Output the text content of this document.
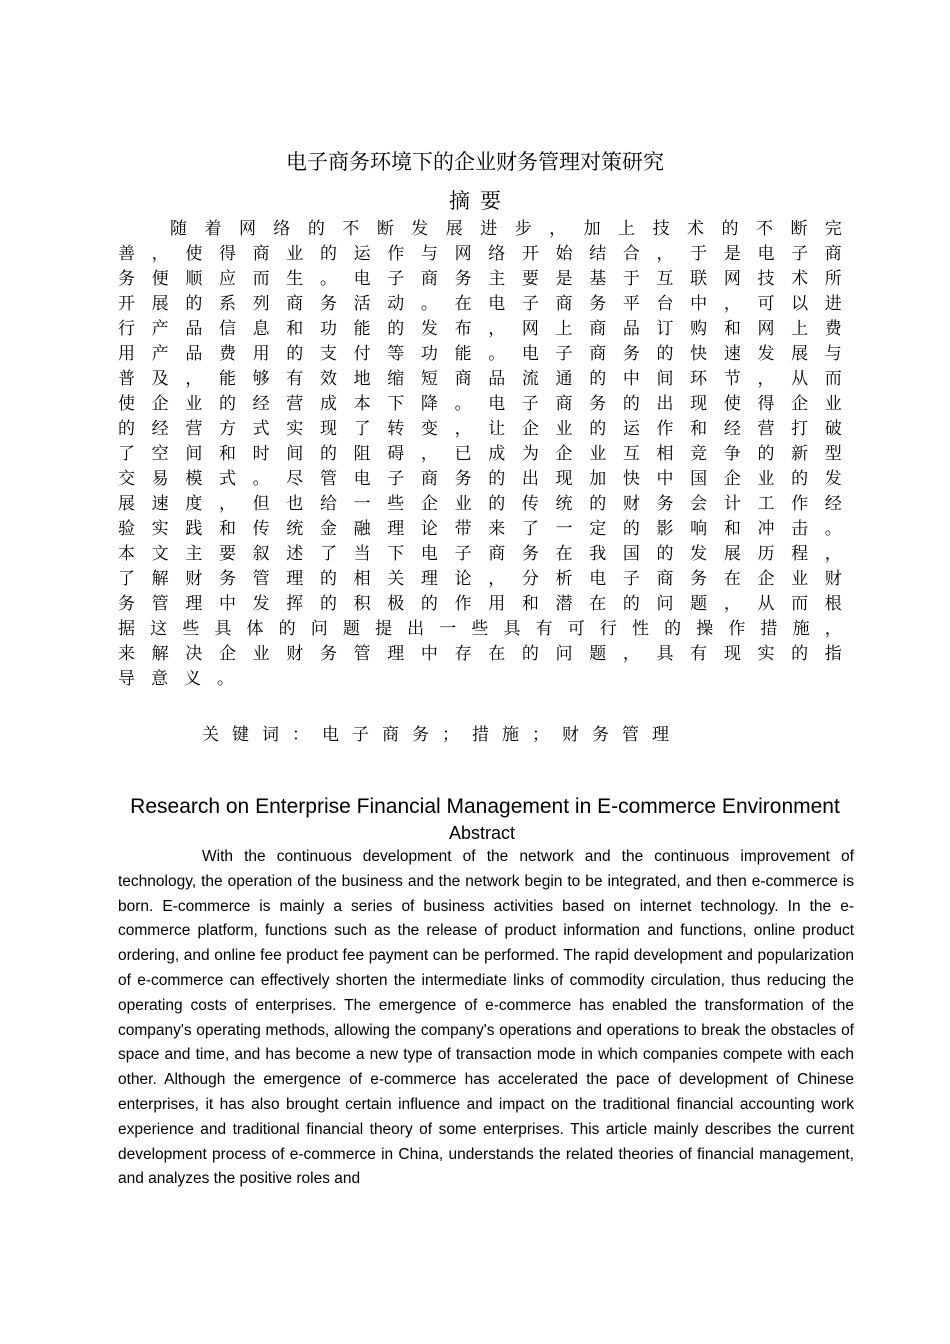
电子商务环境下的企业财务管理对策研究
摘要
随 着 网 络 的 不 断 发 展 进 步 ， 加 上 技 术 的 不 断 完
善 ， 使 得 商 业 的 运 作 与 网 络 开 始 结 合 ， 于 是 电 子 商
务 便 顺 应 而 生 。 电 子 商 务 主 要 是 基 于 互 联 网 技 术 所
开 展 的 系 列 商 务 活 动 。 在 电 子 商 务 平 台 中 ， 可 以 进
行 产 品 信 息 和 功 能 的 发 布 ， 网 上 商 品 订 购 和 网 上 费
用 产 品 费 用 的 支 付 等 功 能 。 电 子 商 务 的 快 速 发 展 与
普 及 ， 能 够 有 效 地 缩 短 商 品 流 通 的 中 间 环 节 ， 从 而
使 企 业 的 经 营 成 本 下 降 。 电 子 商 务 的 出 现 使 得 企 业
的 经 营 方 式 实 现 了 转 变 ， 让 企 业 的 运 作 和 经 营 打 破
了 空 间 和 时 间 的 阻 碍 ， 已 成 为 企 业 互 相 竞 争 的 新 型
交 易 模 式 。 尽 管 电 子 商 务 的 出 现 加 快 中 国 企 业 的 发
展 速 度 ， 但 也 给 一 些 企 业 的 传 统 的 财 务 会 计 工 作 经
验 实 践 和 传 统 金 融 理 论 带 来 了 一 定 的 影 响 和 冲 击 。
本 文 主 要 叙 述 了 当 下 电 子 商 务 在 我 国 的 发 展 历 程 ，
了 解 财 务 管 理 的 相 关 理 论 ， 分 析 电 子 商 务 在 企 业 财
务 管 理 中 发 挥 的 积 极 的 作 用 和 潜 在 的 问 题 ， 从 而 根
据 这 些 具 体 的 问 题 提 出 一 些 具 有 可 行 性 的 操 作 措 施 ，
来 解 决 企 业 财 务 管 理 中 存 在 的 问 题 ， 具 有 现 实 的 指
导 意 义 。
关键词：电子商务；措施；财务管理
Research on Enterprise Financial Management in E-commerce Environment
Abstract

With the continuous development of the network and the continuous improvement of technology, the operation of the business and the network begin to be integrated, and then e-commerce is born. E-commerce is mainly a series of business activities based on internet technology. In the e-commerce platform, functions such as the release of product information and functions, online product ordering, and online fee product fee payment can be performed. The rapid development and popularization of e-commerce can effectively shorten the intermediate links of commodity circulation, thus reducing the operating costs of enterprises. The emergence of e-commerce has enabled the transformation of the company's operating methods, allowing the company's operations and operations to break the obstacles of space and time, and has become a new type of transaction mode in which companies compete with each other. Although the emergence of e-commerce has accelerated the pace of development of Chinese enterprises, it has also brought certain influence and impact on the traditional financial accounting work experience and traditional financial theory of some enterprises. This article mainly describes the current development process of e-commerce in China, understands the related theories of financial management, and analyzes the positive roles and
